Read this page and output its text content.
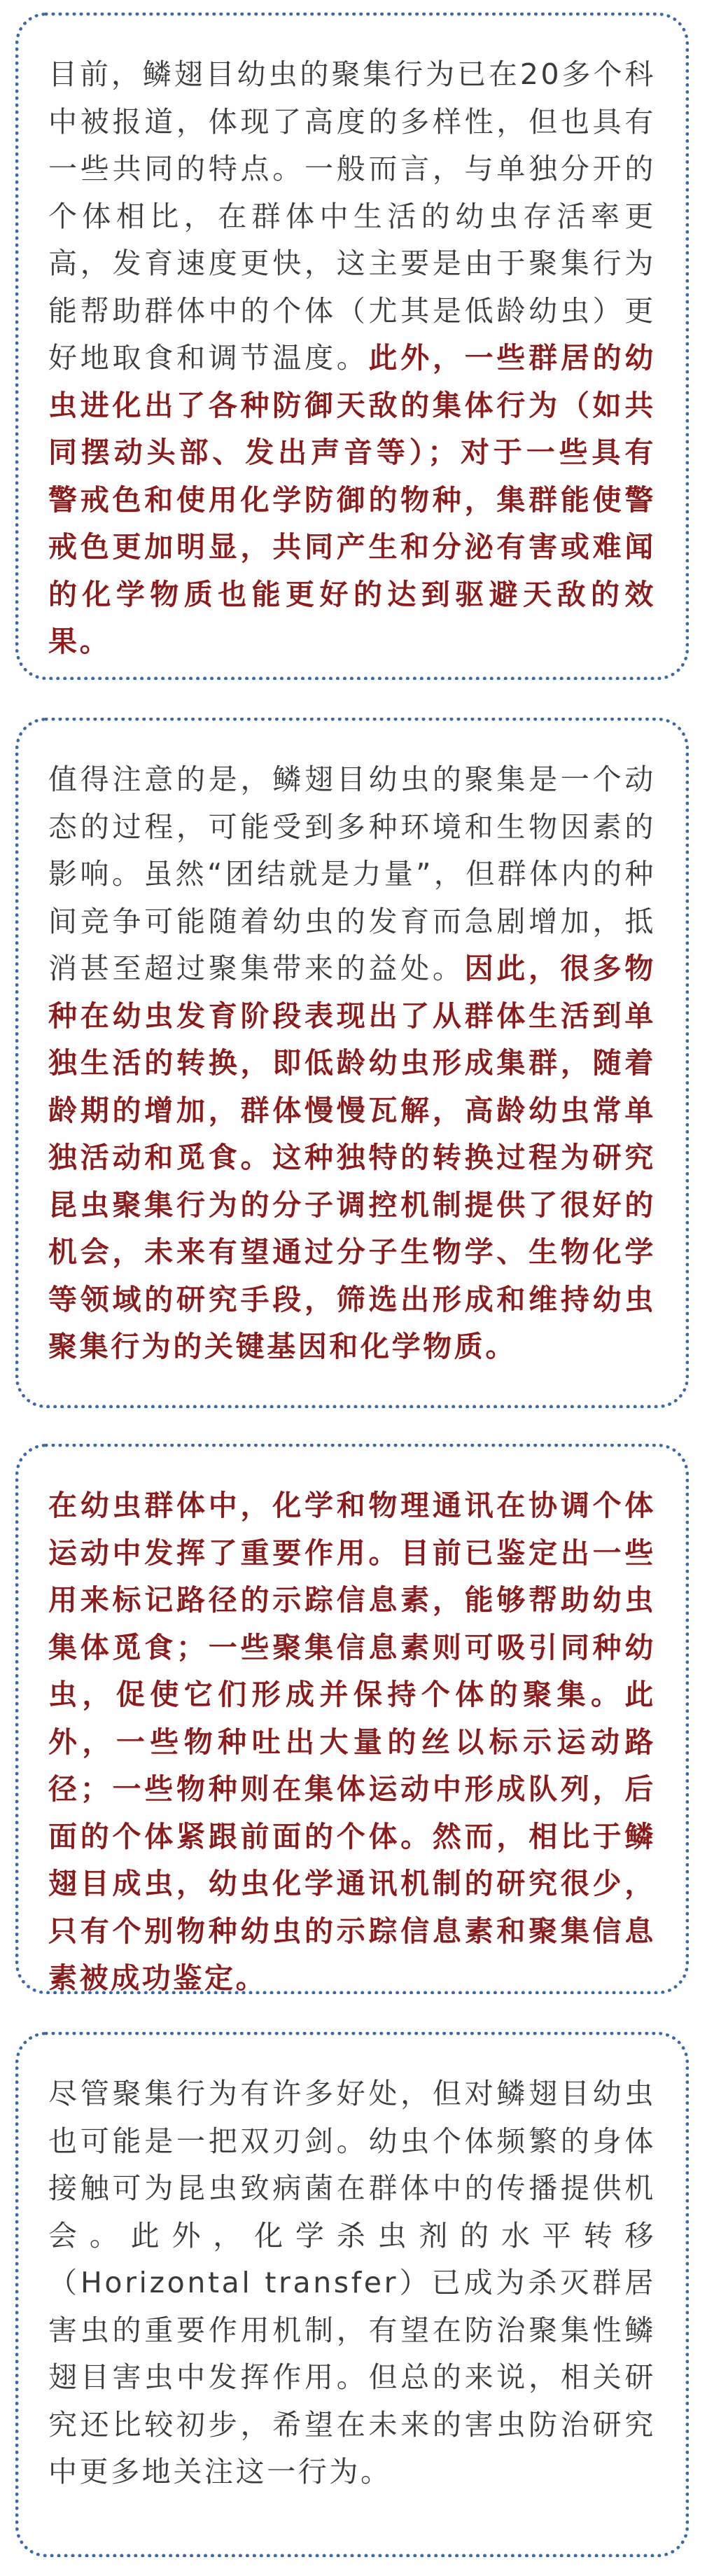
目前，鳞翅目幼虫的聚集行为已在20多个科中被报道，体现了高度的多样性，但也具有一些共同的特点。一般而言，与单独分开的个体相比，在群体中生活的幼虫存活率更高，发育速度更快，这主要是由于聚集行为能帮助群体中的个体（尤其是低龄幼虫）更好地取食和调节温度。此外，一些群居的幼虫进化出了各种防御天敌的集体行为（如共同摆动头部、发出声音等）；对于一些具有警戒色和使用化学防御的物种，集群能使警戒色更加明显，共同产生和分泌有害或难闻的化学物质也能更好的达到驱避天敌的效果。

值得注意的是，鳞翅目幼虫的聚集是一个动态的过程，可能受到多种环境和生物因素的影响。虽然“团结就是力量”，但群体内的种间竞争可能随着幼虫的发育而急剧增加，抵消甚至超过聚集带来的益处。因此，很多物种在幼虫发育阶段表现出了从群体生活到单独生活的转换，即低龄幼虫形成集群，随着龄期的增加，群体慢慢瓦解，高龄幼虫常单独活动和觅食。这种独特的转换过程为研究昆虫聚集行为的分子调控机制提供了很好的机会，未来有望通过分子生物学、生物化学等领域的研究手段，筛选出形成和维持幼虫聚集行为的关键基因和化学物质。

在幼虫群体中，化学和物理通讯在协调个体运动中发挥了重要作用。目前已鉴定出一些用来标记路径的示踪信息素，能够帮助幼虫集体觅食；一些聚集信息素则可吸引同种幼虫，促使它们形成并保持个体的聚集。此外，一些物种吐出大量的丝以标示运动路径；一些物种则在集体运动中形成队列，后面的个体紧跟前面的个体。然而，相比于鳞翅目成虫，幼虫化学通讯机制的研究很少，只有个别物种幼虫的示踪信息素和聚集信息素被成功鉴定。

尽管聚集行为有许多好处，但对鳞翅目幼虫也可能是一把双刃剑。幼虫个体频繁的身体接触可为昆虫致病菌在群体中的传播提供机会。此外，化学杀虫剂的水平转移（Horizontal transfer）已成为杀灭群居害虫的重要作用机制，有望在防治聚集性鳞翅目害虫中发挥作用。但总的来说，相关研究还比较初步，希望在未来的害虫防治研究中更多地关注这一行为。
